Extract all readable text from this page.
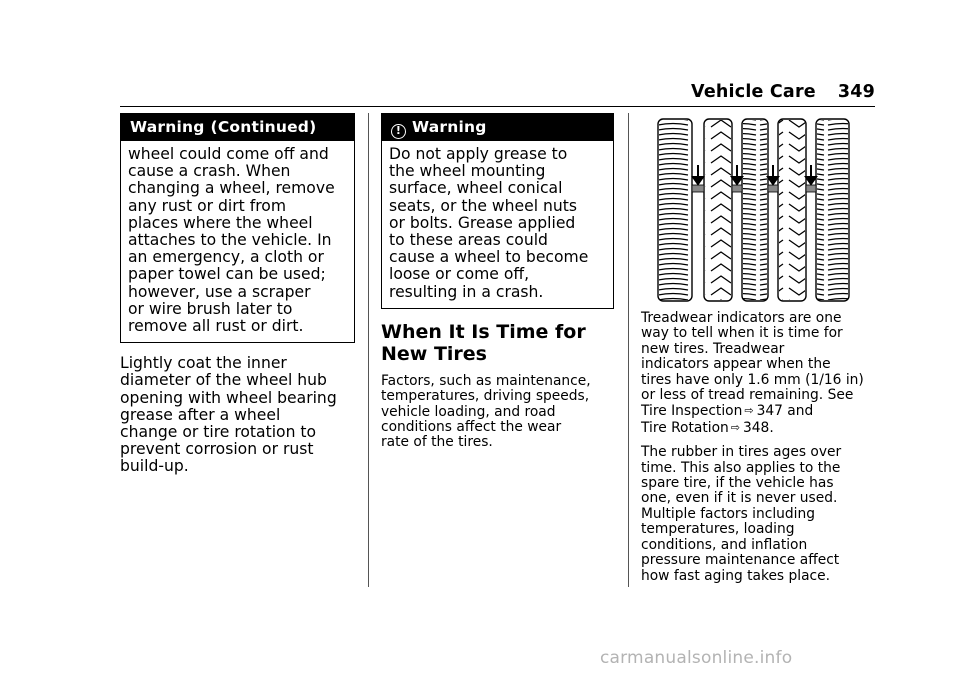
Vehicle Care 349
Warning (Continued)
wheel could come off and
cause a crash. When
changing a wheel, remove
any rust or dirt from
places where the wheel
attaches to the vehicle. In
an emergency, a cloth or
paper towel can be used;
however, use a scraper
or wire brush later to
remove all rust or dirt.
Lightly coat the inner
diameter of the wheel hub
opening with wheel bearing
grease after a wheel
change or tire rotation to
prevent corrosion or rust
build-up.
! Warning
Do not apply grease to
the wheel mounting
surface, wheel conical
seats, or the wheel nuts
or bolts. Grease applied
to these areas could
cause a wheel to become
loose or come off,
resulting in a crash.
When It Is Time for
New Tires
Factors, such as maintenance,
temperatures, driving speeds,
vehicle loading, and road
conditions affect the wear
rate of the tires.
Treadwear indicators are one
way to tell when it is time for
new tires. Treadwear
indicators appear when the
tires have only 1.6 mm (1/16 in)
or less of tread remaining. See
Tire Inspection ⇨ 347 and
Tire Rotation ⇨ 348.
The rubber in tires ages over
time. This also applies to the
spare tire, if the vehicle has
one, even if it is never used.
Multiple factors including
temperatures, loading
conditions, and inflation
pressure maintenance affect
how fast aging takes place.
carmanualsonline.info
